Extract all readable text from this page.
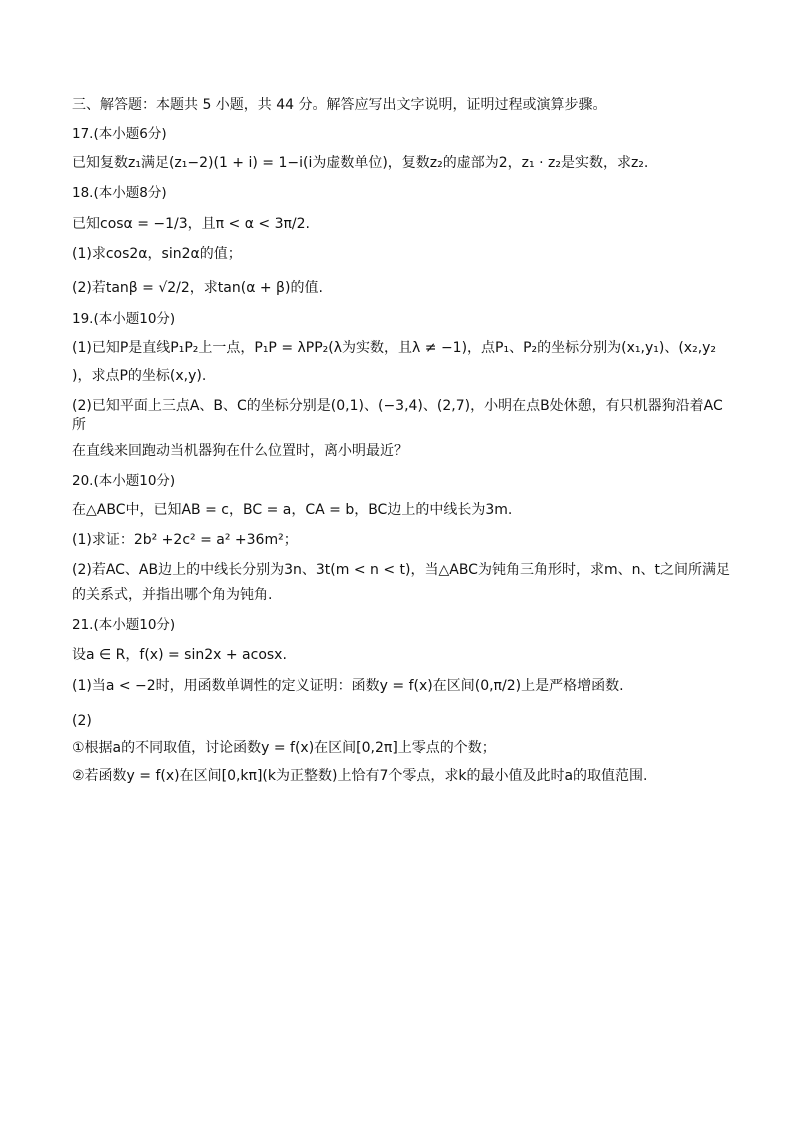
三、解答题：本题共 5 小题，共 44 分。解答应写出文字说明，证明过程或演算步骤。
17.(本小题6分)
已知复数z₁满足(z₁−2)(1 + i) = 1−i(i为虚数单位)，复数z₂的虚部为2，z₁ · z₂是实数，求z₂.
18.(本小题8分)
已知cosα = −1/3，且π < α < 3π/2.
(1)求cos2α，sin2α的值；
(2)若tanβ = √2/2，求tan(α + β)的值.
19.(本小题10分)
(1)已知P是直线P₁P₂上一点，P₁P = λPP₂(λ为实数，且λ ≠ −1)，点P₁、P₂的坐标分别为(x₁,y₁)、(x₂,y₂
)，求点P的坐标(x,y).
(2)已知平面上三点A、B、C的坐标分别是(0,1)、(−3,4)、(2,7)，小明在点B处休憩，有只机器狗沿着AC所
在直线来回跑动当机器狗在什么位置时，离小明最近？
20.(本小题10分)
在△ABC中，已知AB = c，BC = a，CA = b，BC边上的中线长为3m.
(1)求证：2b² +2c² = a² +36m²；
(2)若AC、AB边上的中线长分别为3n、3t(m < n < t)，当△ABC为钝角三角形时，求m、n、t之间所满足
的关系式，并指出哪个角为钝角.
21.(本小题10分)
设a ∈ R，f(x) = sin2x + acosx.
(1)当a < −2时，用函数单调性的定义证明：函数y = f(x)在区间(0,π/2)上是严格增函数.
(2)
①根据a的不同取值，讨论函数y = f(x)在区间[0,2π]上零点的个数；
②若函数y = f(x)在区间[0,kπ](k为正整数)上恰有7个零点，求k的最小值及此时a的取值范围.
